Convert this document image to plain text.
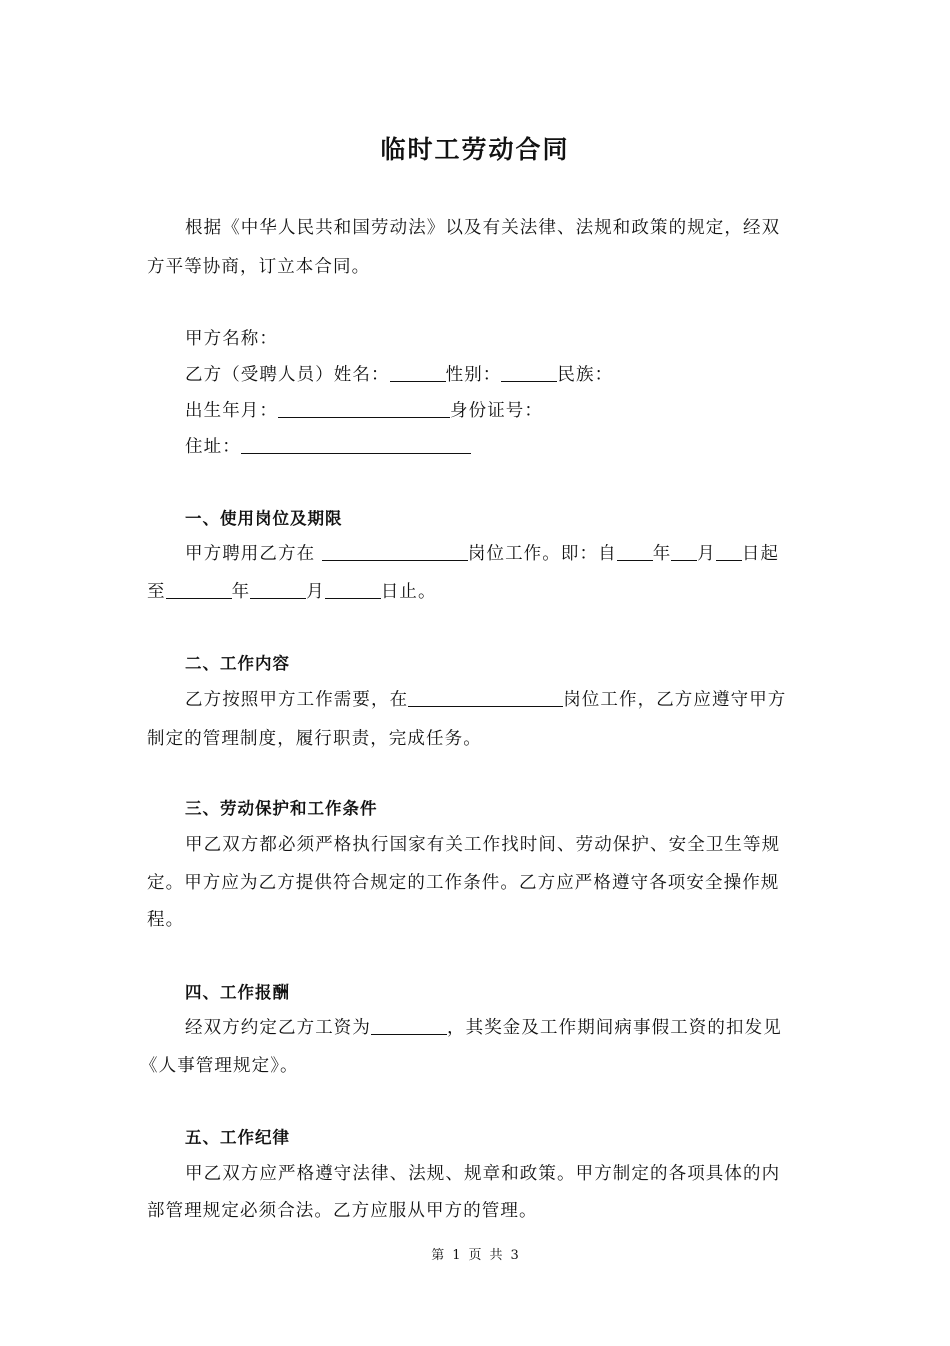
临时工劳动合同
根据《中华人民共和国劳动法》以及有关法律、法规和政策的规定，经双
方平等协商，订立本合同。
甲方名称：
乙方（受聘人员）姓名：	性别：	民族：
出生年月：	身份证号：
住址：
一、使用岗位及期限
甲方聘用乙方在	岗位工作。即：自 年 月 日起
至	年	月	日止。
二、工作内容
乙方按照甲方工作需要，在	岗位工作，乙方应遵守甲方
制定的管理制度，履行职责，完成任务。
三、劳动保护和工作条件
甲乙双方都必须严格执行国家有关工作找时间、劳动保护、安全卫生等规
定。甲方应为乙方提供符合规定的工作条件。乙方应严格遵守各项安全操作规
程。
四、工作报酬
经双方约定乙方工资为	，其奖金及工作期间病事假工资的扣发见
《人事管理规定》。
五、工作纪律
甲乙双方应严格遵守法律、法规、规章和政策。甲方制定的各项具体的内
部管理规定必须合法。乙方应服从甲方的管理。
第 1 页 共 3
